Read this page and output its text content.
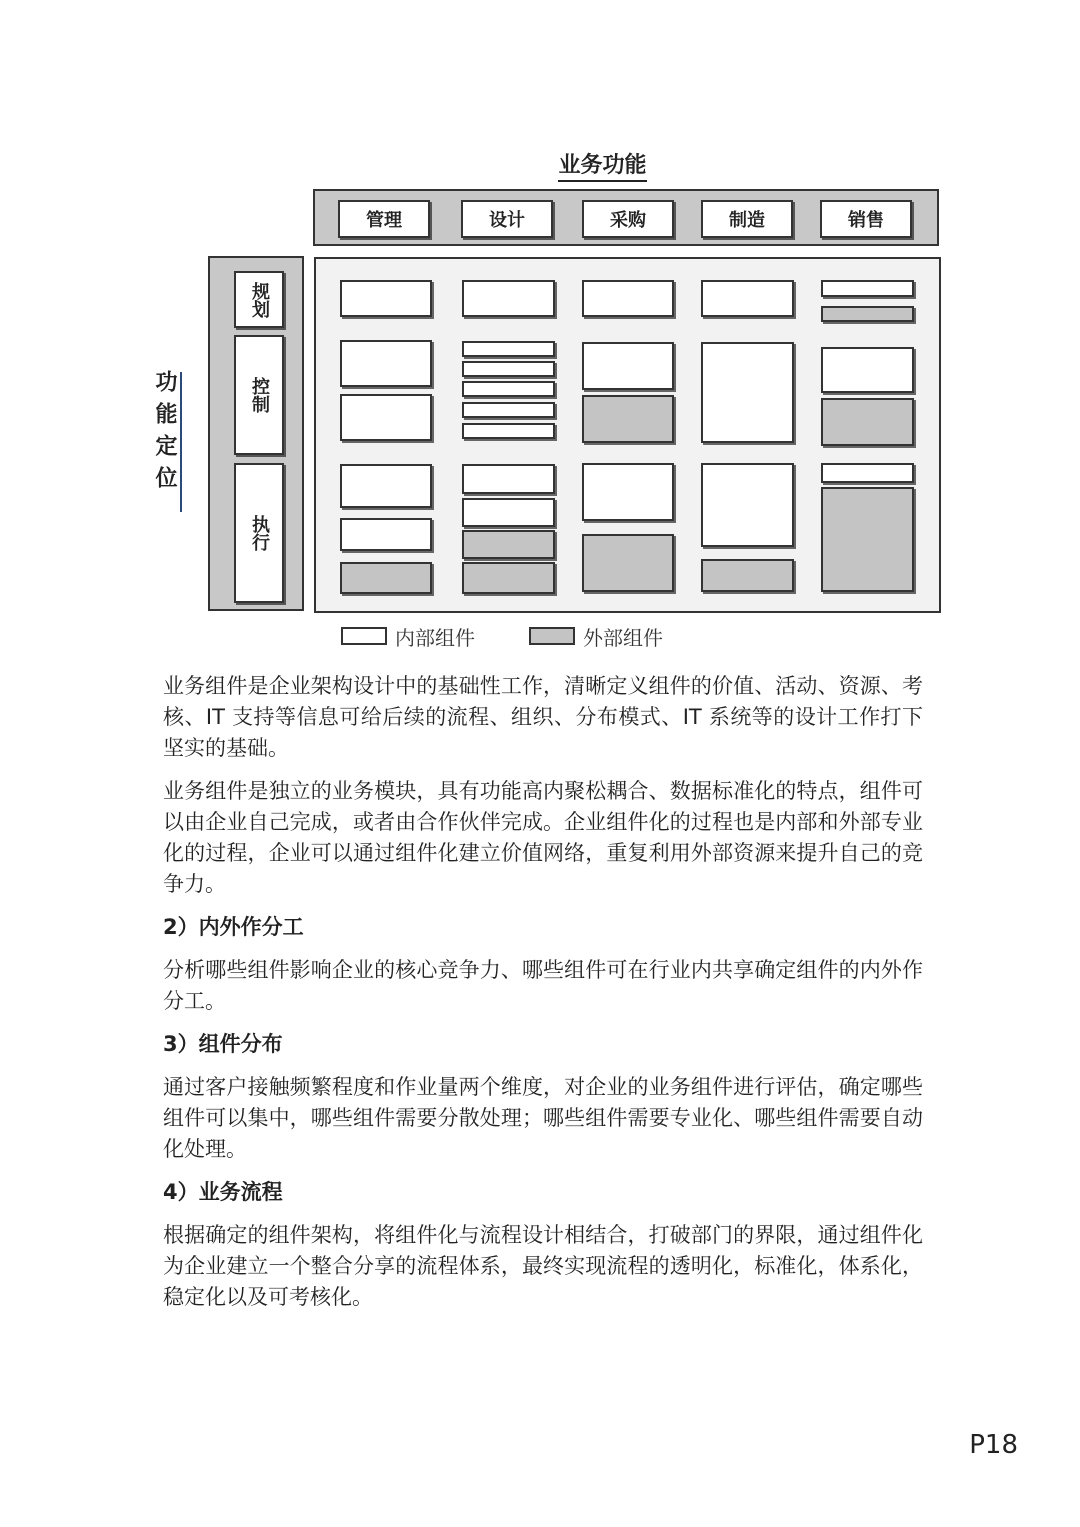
业务功能
管理	设计	采购	制造	销售
功能定位
规划
控制
执行
内部组件	外部组件

业务组件是企业架构设计中的基础性工作，清晰定义组件的价值、活动、资源、考核、IT 支持等信息可给后续的流程、组织、分布模式、IT 系统等的设计工作打下坚实的基础。

业务组件是独立的业务模块，具有功能高内聚松耦合、数据标准化的特点，组件可以由企业自己完成，或者由合作伙伴完成。企业组件化的过程也是内部和外部专业化的过程，企业可以通过组件化建立价值网络，重复利用外部资源来提升自己的竞争力。

2）内外作分工

分析哪些组件影响企业的核心竞争力、哪些组件可在行业内共享确定组件的内外作分工。

3）组件分布

通过客户接触频繁程度和作业量两个维度，对企业的业务组件进行评估，确定哪些组件可以集中，哪些组件需要分散处理；哪些组件需要专业化、哪些组件需要自动化处理。

4）业务流程

根据确定的组件架构，将组件化与流程设计相结合，打破部门的界限，通过组件化为企业建立一个整合分享的流程体系，最终实现流程的透明化，标准化，体系化，稳定化以及可考核化。

P18
